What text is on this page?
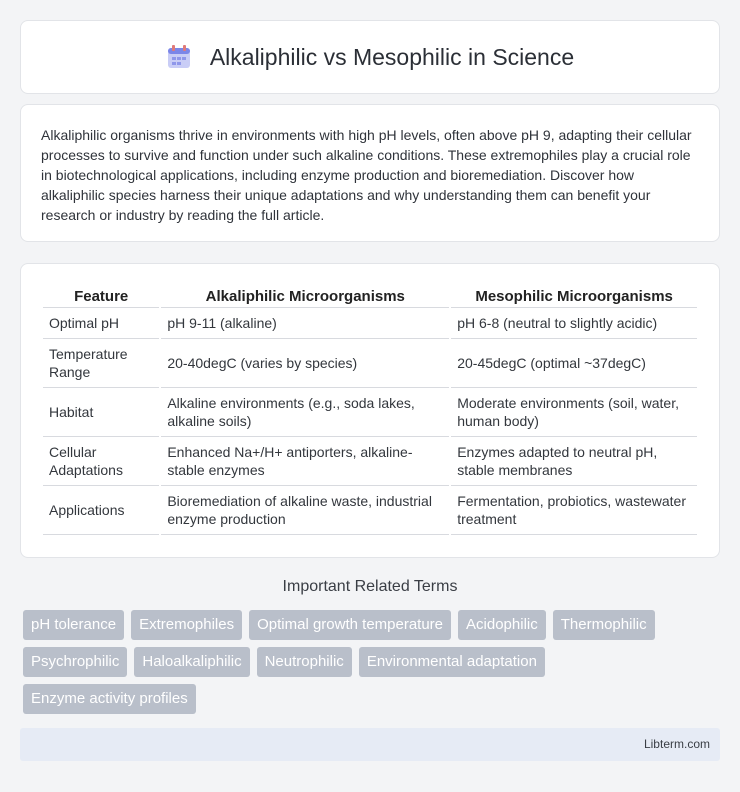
Alkaliphilic vs Mesophilic in Science

Alkaliphilic organisms thrive in environments with high pH levels, often above pH 9, adapting their cellular processes to survive and function under such alkaline conditions. These extremophiles play a crucial role in biotechnological applications, including enzyme production and bioremediation. Discover how alkaliphilic species harness their unique adaptations and why understanding them can benefit your research or industry by reading the full article.

Feature	Alkaliphilic Microorganisms	Mesophilic Microorganisms
Optimal pH	pH 9-11 (alkaline)	pH 6-8 (neutral to slightly acidic)
Temperature Range	20-40degC (varies by species)	20-45degC (optimal ~37degC)
Habitat	Alkaline environments (e.g., soda lakes, alkaline soils)	Moderate environments (soil, water, human body)
Cellular Adaptations	Enhanced Na+/H+ antiporters, alkaline-stable enzymes	Enzymes adapted to neutral pH, stable membranes
Applications	Bioremediation of alkaline waste, industrial enzyme production	Fermentation, probiotics, wastewater treatment
Important Related Terms
pH tolerance	Extremophiles	Optimal growth temperature	Acidophilic	Thermophilic
Psychrophilic	Haloalkaliphilic	Neutrophilic	Environmental adaptation
Enzyme activity profiles
Libterm.com
